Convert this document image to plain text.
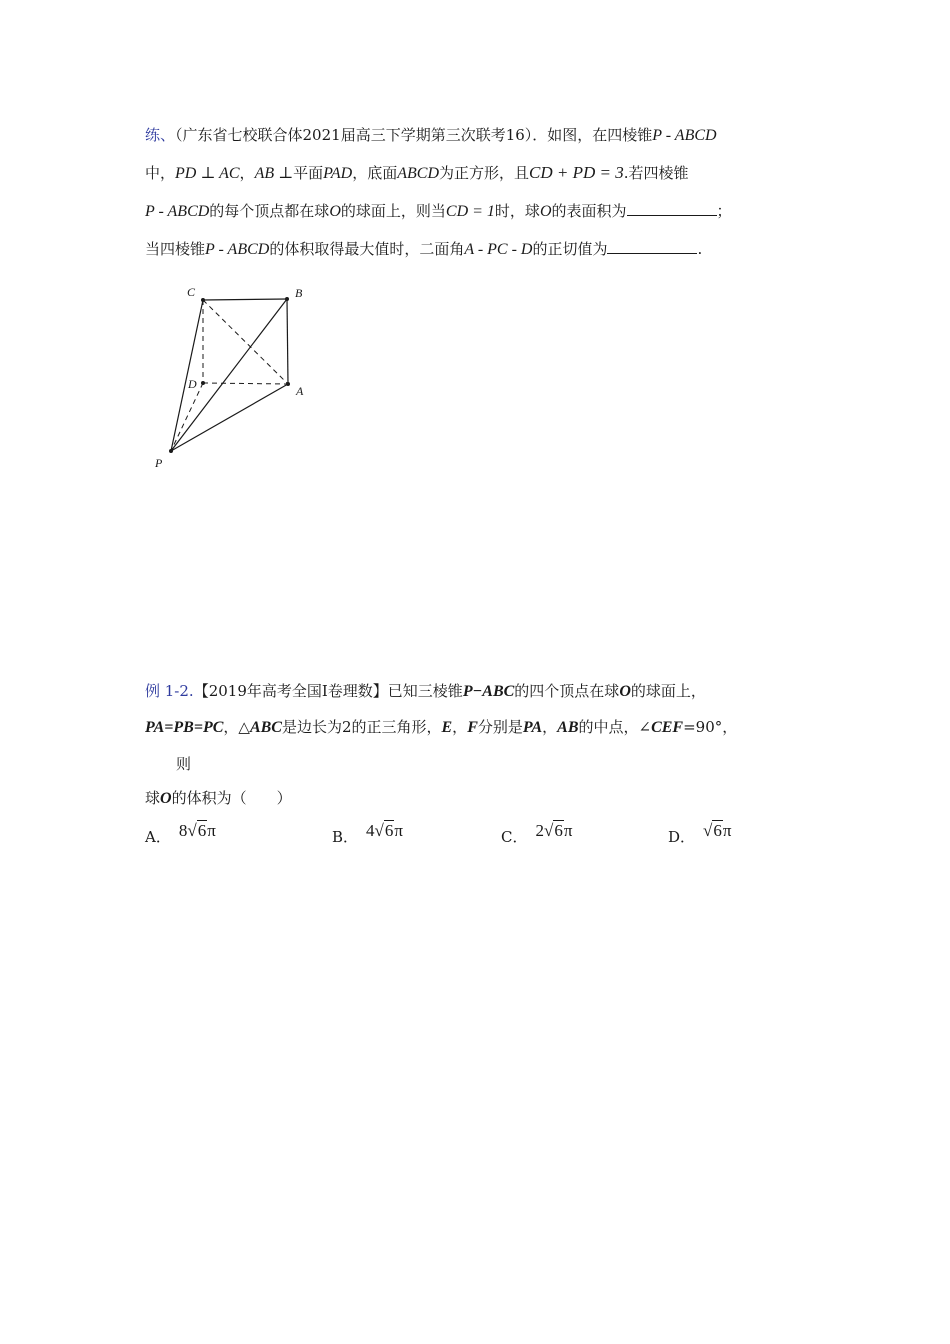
练、（广东省七校联合体2021届高三下学期第三次联考16）．如图，在四棱锥P - ABCD
中，PD ⊥ AC，AB ⊥平面PAD，底面ABCD为正方形，且CD + PD = 3.若四棱锥
P - ABCD的每个顶点都在球O的球面上，则当CD = 1时，球O的表面积为	；
当四棱锥P - ABCD的体积取得最大值时，二面角A - PC - D的正切值为	.
C	B
D	A
P
例 1-2.【2019年高考全国Ⅰ卷理数】已知三棱锥P−ABC的四个顶点在球O的球面上，
PA=PB=PC，△ABC是边长为2的正三角形，E，F分别是PA，AB的中点，∠CEF=90°，
则
球O的体积为（　　）
A． 8√6π	B． 4√6π	C． 2√6π	D． √6π
